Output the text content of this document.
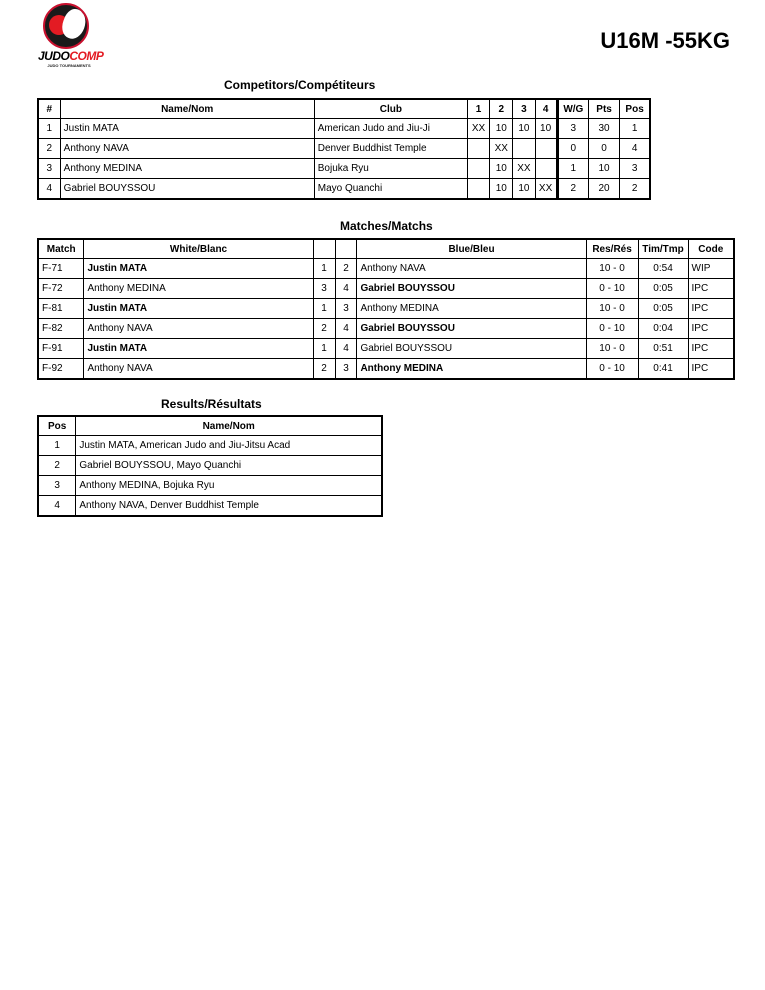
JUDOCOMP
JUDO TOURNAMENTS
U16M -55KG
Competitors/Compétiteurs
#	Name/Nom	Club	1	2	3	4	W/G	Pts	Pos
1	Justin MATA	American Judo and Jiu-Ji	XX	10	10	10	3	30	1
2	Anthony NAVA	Denver Buddhist Temple		XX			0	0	4
3	Anthony MEDINA	Bojuka Ryu		10	XX		1	10	3
4	Gabriel BOUYSSOU	Mayo Quanchi		10	10	XX	2	20	2
Matches/Matchs
Match	White/Blanc			Blue/Bleu	Res/Rés	Tim/Tmp	Code
F-71	Justin MATA	1	2	Anthony NAVA	10 - 0	0:54	WIP
F-72	Anthony MEDINA	3	4	Gabriel BOUYSSOU	0 - 10	0:05	IPC
F-81	Justin MATA	1	3	Anthony MEDINA	10 - 0	0:05	IPC
F-82	Anthony NAVA	2	4	Gabriel BOUYSSOU	0 - 10	0:04	IPC
F-91	Justin MATA	1	4	Gabriel BOUYSSOU	10 - 0	0:51	IPC
F-92	Anthony NAVA	2	3	Anthony MEDINA	0 - 10	0:41	IPC
Results/Résultats
Pos	Name/Nom
1	Justin MATA, American Judo and Jiu-Jitsu Acad
2	Gabriel BOUYSSOU, Mayo Quanchi
3	Anthony MEDINA, Bojuka Ryu
4	Anthony NAVA, Denver Buddhist Temple
